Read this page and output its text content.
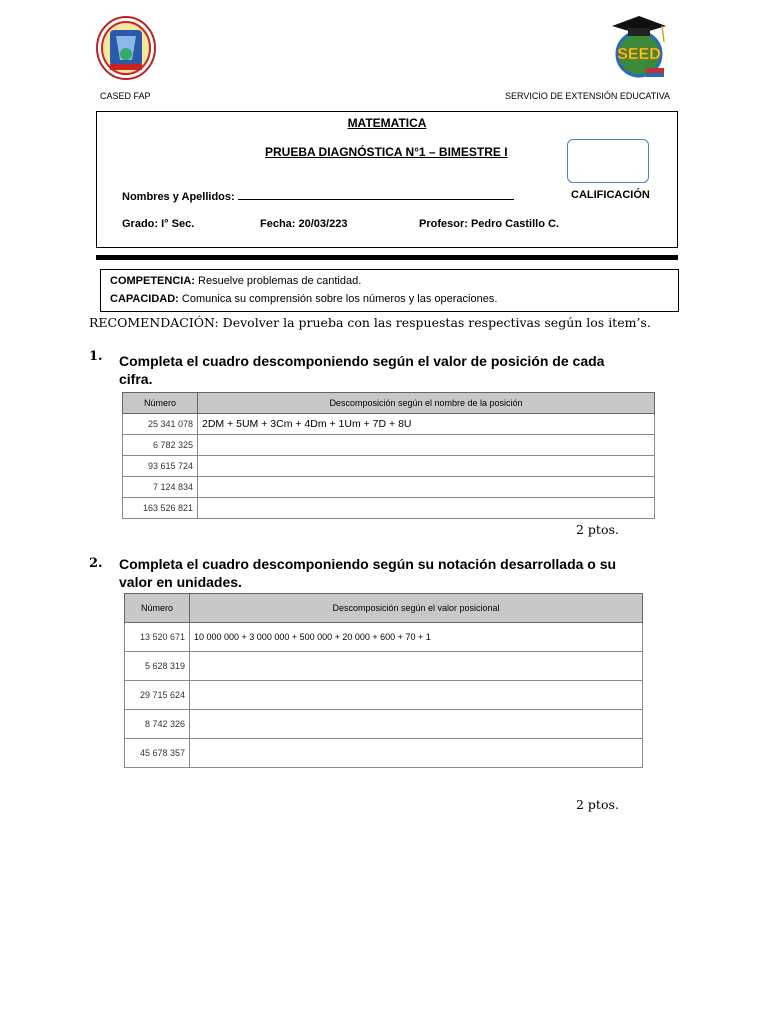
SEED
CASED FAP	SERVICIO DE EXTENSIÓN EDUCATIVA
MATEMATICA
PRUEBA DIAGNÓSTICA N°1 – BIMESTRE I
CALIFICACIÓN
Nombres y Apellidos:
Grado: I° Sec.	Fecha: 20/03/223	Profesor: Pedro Castillo C.
COMPETENCIA: Resuelve problemas de cantidad.
CAPACIDAD: Comunica su comprensión sobre los números y las operaciones.
RECOMENDACIÓN: Devolver la prueba con las respuestas respectivas según los item’s.
1. Completa el cuadro descomponiendo según el valor de posición de cada cifra.
Número	Descomposición según el nombre de la posición
25 341 078	2DM + 5UM + 3Cm + 4Dm + 1Um + 7D + 8U
6 782 325	
93 615 724	
7 124 834	
163 526 821	
2 ptos.
2. Completa el cuadro descomponiendo según su notación desarrollada o su valor en unidades.
Número	Descomposición según el valor posicional
13 520 671	10 000 000 + 3 000 000 + 500 000 + 20 000 + 600 + 70 + 1
5 628 319	
29 715 624	
8 742 326	
45 678 357	
2 ptos.
